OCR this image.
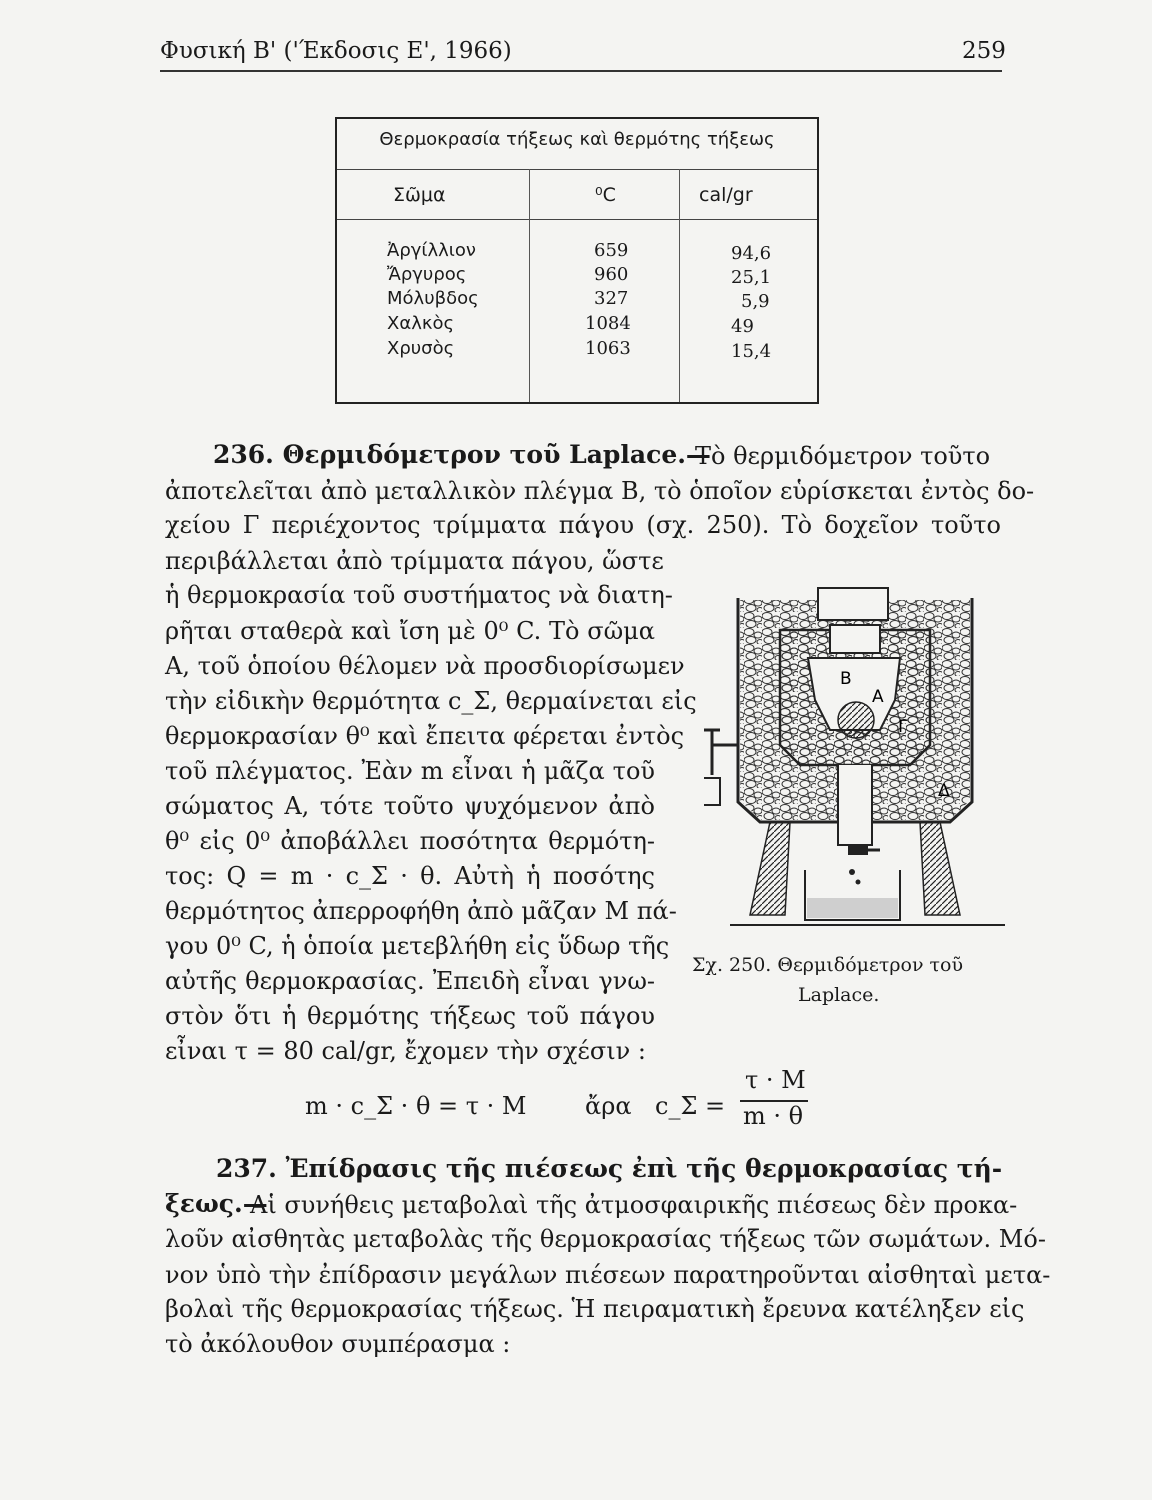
Φυσική Β' ('Έκδοσις Ε', 1966)	259
Θερμοκρασία τήξεως καὶ θερμότης τήξεως
Σῶμα	⁰C	cal/gr
Ἀργίλλιον	659	94,6
Ἄργυρος	960	25,1
Μόλυβδος	327	5,9
Χαλκὸς	1084	49
Χρυσὸς	1063	15,4
236. Θερμιδόμετρον τοῦ Laplace.—
Τὸ θερμιδόμετρον τοῦτο
ἀποτελεῖται ἀπὸ μεταλλικὸν πλέγμα Β, τὸ ὁποῖον εὑρίσκεται ἐντὸς δο-
χείου Γ περιέχοντος τρίμματα πάγου (σχ. 250). Τὸ δοχεῖον τοῦτο
περιβάλλεται ἀπὸ τρίμματα πάγου, ὥστε
ἡ θερμοκρασία τοῦ συστήματος νὰ διατη-
ρῆται σταθερὰ καὶ ἴση μὲ 0⁰ C. Τὸ σῶμα
Α, τοῦ ὁποίου θέλομεν νὰ προσδιορίσωμεν
τὴν εἰδικὴν θερμότητα c_Σ, θερμαίνεται εἰς
θερμοκρασίαν θ⁰ καὶ ἔπειτα φέρεται ἐντὸς
τοῦ πλέγματος. Ἐὰν m εἶναι ἡ μᾶζα τοῦ
σώματος Α, τότε τοῦτο ψυχόμενον ἀπὸ
θ⁰ εἰς 0⁰ ἀποβάλλει ποσότητα θερμότη-
τος: Q = m · c_Σ · θ. Αὐτὴ ἡ ποσότης
θερμότητος ἀπερροφήθη ἀπὸ μᾶζαν Μ πά-
γου 0⁰ C, ἡ ὁποία μετεβλήθη εἰς ὕδωρ τῆς
αὐτῆς θερμοκρασίας. Ἐπειδὴ εἶναι γνω-
στὸν ὅτι ἡ θερμότης τήξεως τοῦ πάγου
εἶναι τ = 80 cal/gr, ἔχομεν τὴν σχέσιν :
m · c_Σ · θ = τ · M ἄρα c_Σ =
τ · M
m · θ
B
A
Γ
Δ
Σχ. 250. Θερμιδόμετρον τοῦ
Laplace.
237. Ἐπίδρασις τῆς πιέσεως ἐπὶ τῆς θερμοκρασίας τή-
ξεως.—
Αἱ συνήθεις μεταβολαὶ τῆς ἀτμοσφαιρικῆς πιέσεως δὲν προκα-
λοῦν αἰσθητὰς μεταβολὰς τῆς θερμοκρασίας τήξεως τῶν σωμάτων. Μό-
νον ὑπὸ τὴν ἐπίδρασιν μεγάλων πιέσεων παρατηροῦνται αἰσθηταὶ μετα-
βολαὶ τῆς θερμοκρασίας τήξεως. Ἡ πειραματικὴ ἔρευνα κατέληξεν εἰς
τὸ ἀκόλουθον συμπέρασμα :
